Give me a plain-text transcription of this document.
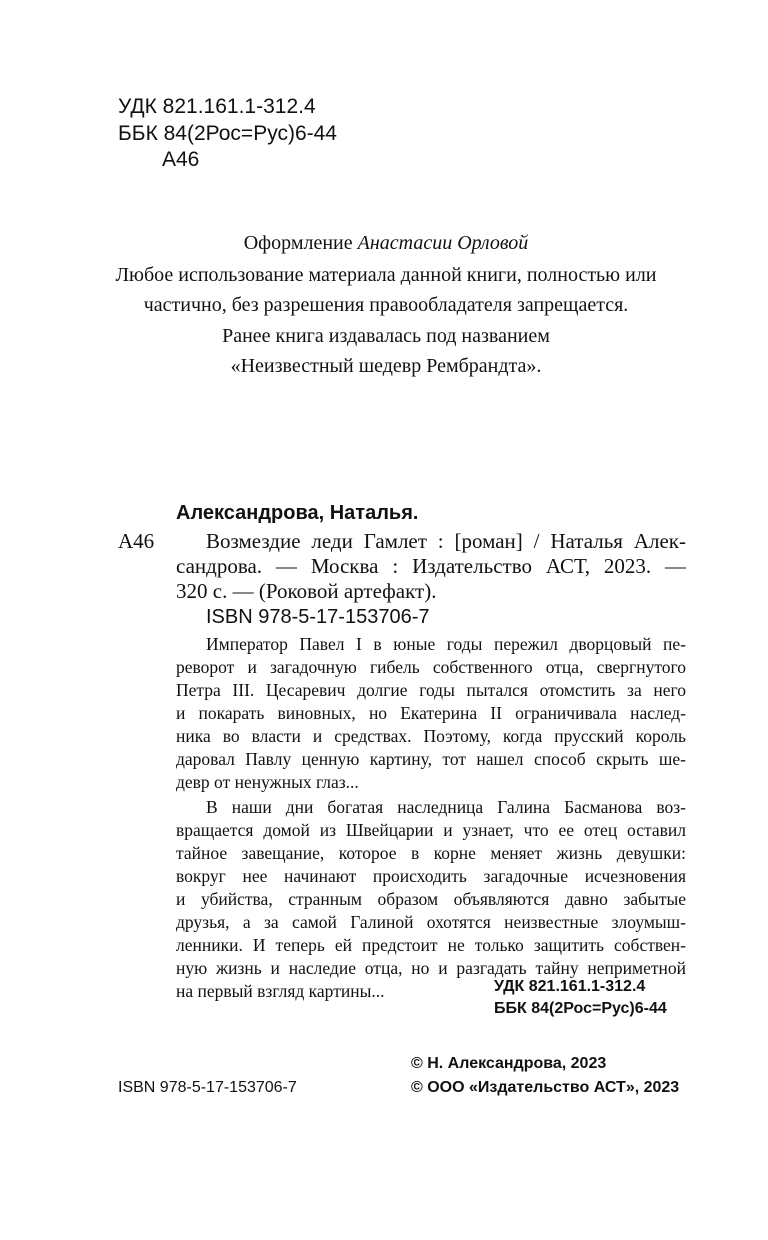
УДК 821.161.1-312.4
ББК 84(2Рос=Рус)6-44
А46
Оформление Анастасии Орловой
Любое использование материала данной книги, полностью или
частично, без разрешения правообладателя запрещается.
Ранее книга издавалась под названием
«Неизвестный шедевр Рембрандта».
Александрова, Наталья.
А46 Возмездие леди Гамлет : [роман] / Наталья Алек-
сандрова. — Москва : Издательство АСТ, 2023. —
320 с. — (Роковой артефакт).
ISBN 978-5-17-153706-7
Император Павел I в юные годы пережил дворцовый пе-
реворот и загадочную гибель собственного отца, свергнутого
Петра III. Цесаревич долгие годы пытался отомстить за него
и покарать виновных, но Екатерина II ограничивала наслед-
ника во власти и средствах. Поэтому, когда прусский король
даровал Павлу ценную картину, тот нашел способ скрыть ше-
девр от ненужных глаз...
В наши дни богатая наследница Галина Басманова воз-
вращается домой из Швейцарии и узнает, что ее отец оставил
тайное завещание, которое в корне меняет жизнь девушки:
вокруг нее начинают происходить загадочные исчезновения
и убийства, странным образом объявляются давно забытые
друзья, а за самой Галиной охотятся неизвестные злоумыш-
ленники. И теперь ей предстоит не только защитить собствен-
ную жизнь и наследие отца, но и разгадать тайну неприметной
на первый взгляд картины...	УДК 821.161.1-312.4
ББК 84(2Рос=Рус)6-44
© Н. Александрова, 2023
ISBN 978-5-17-153706-7	© ООО «Издательство АСТ», 2023
